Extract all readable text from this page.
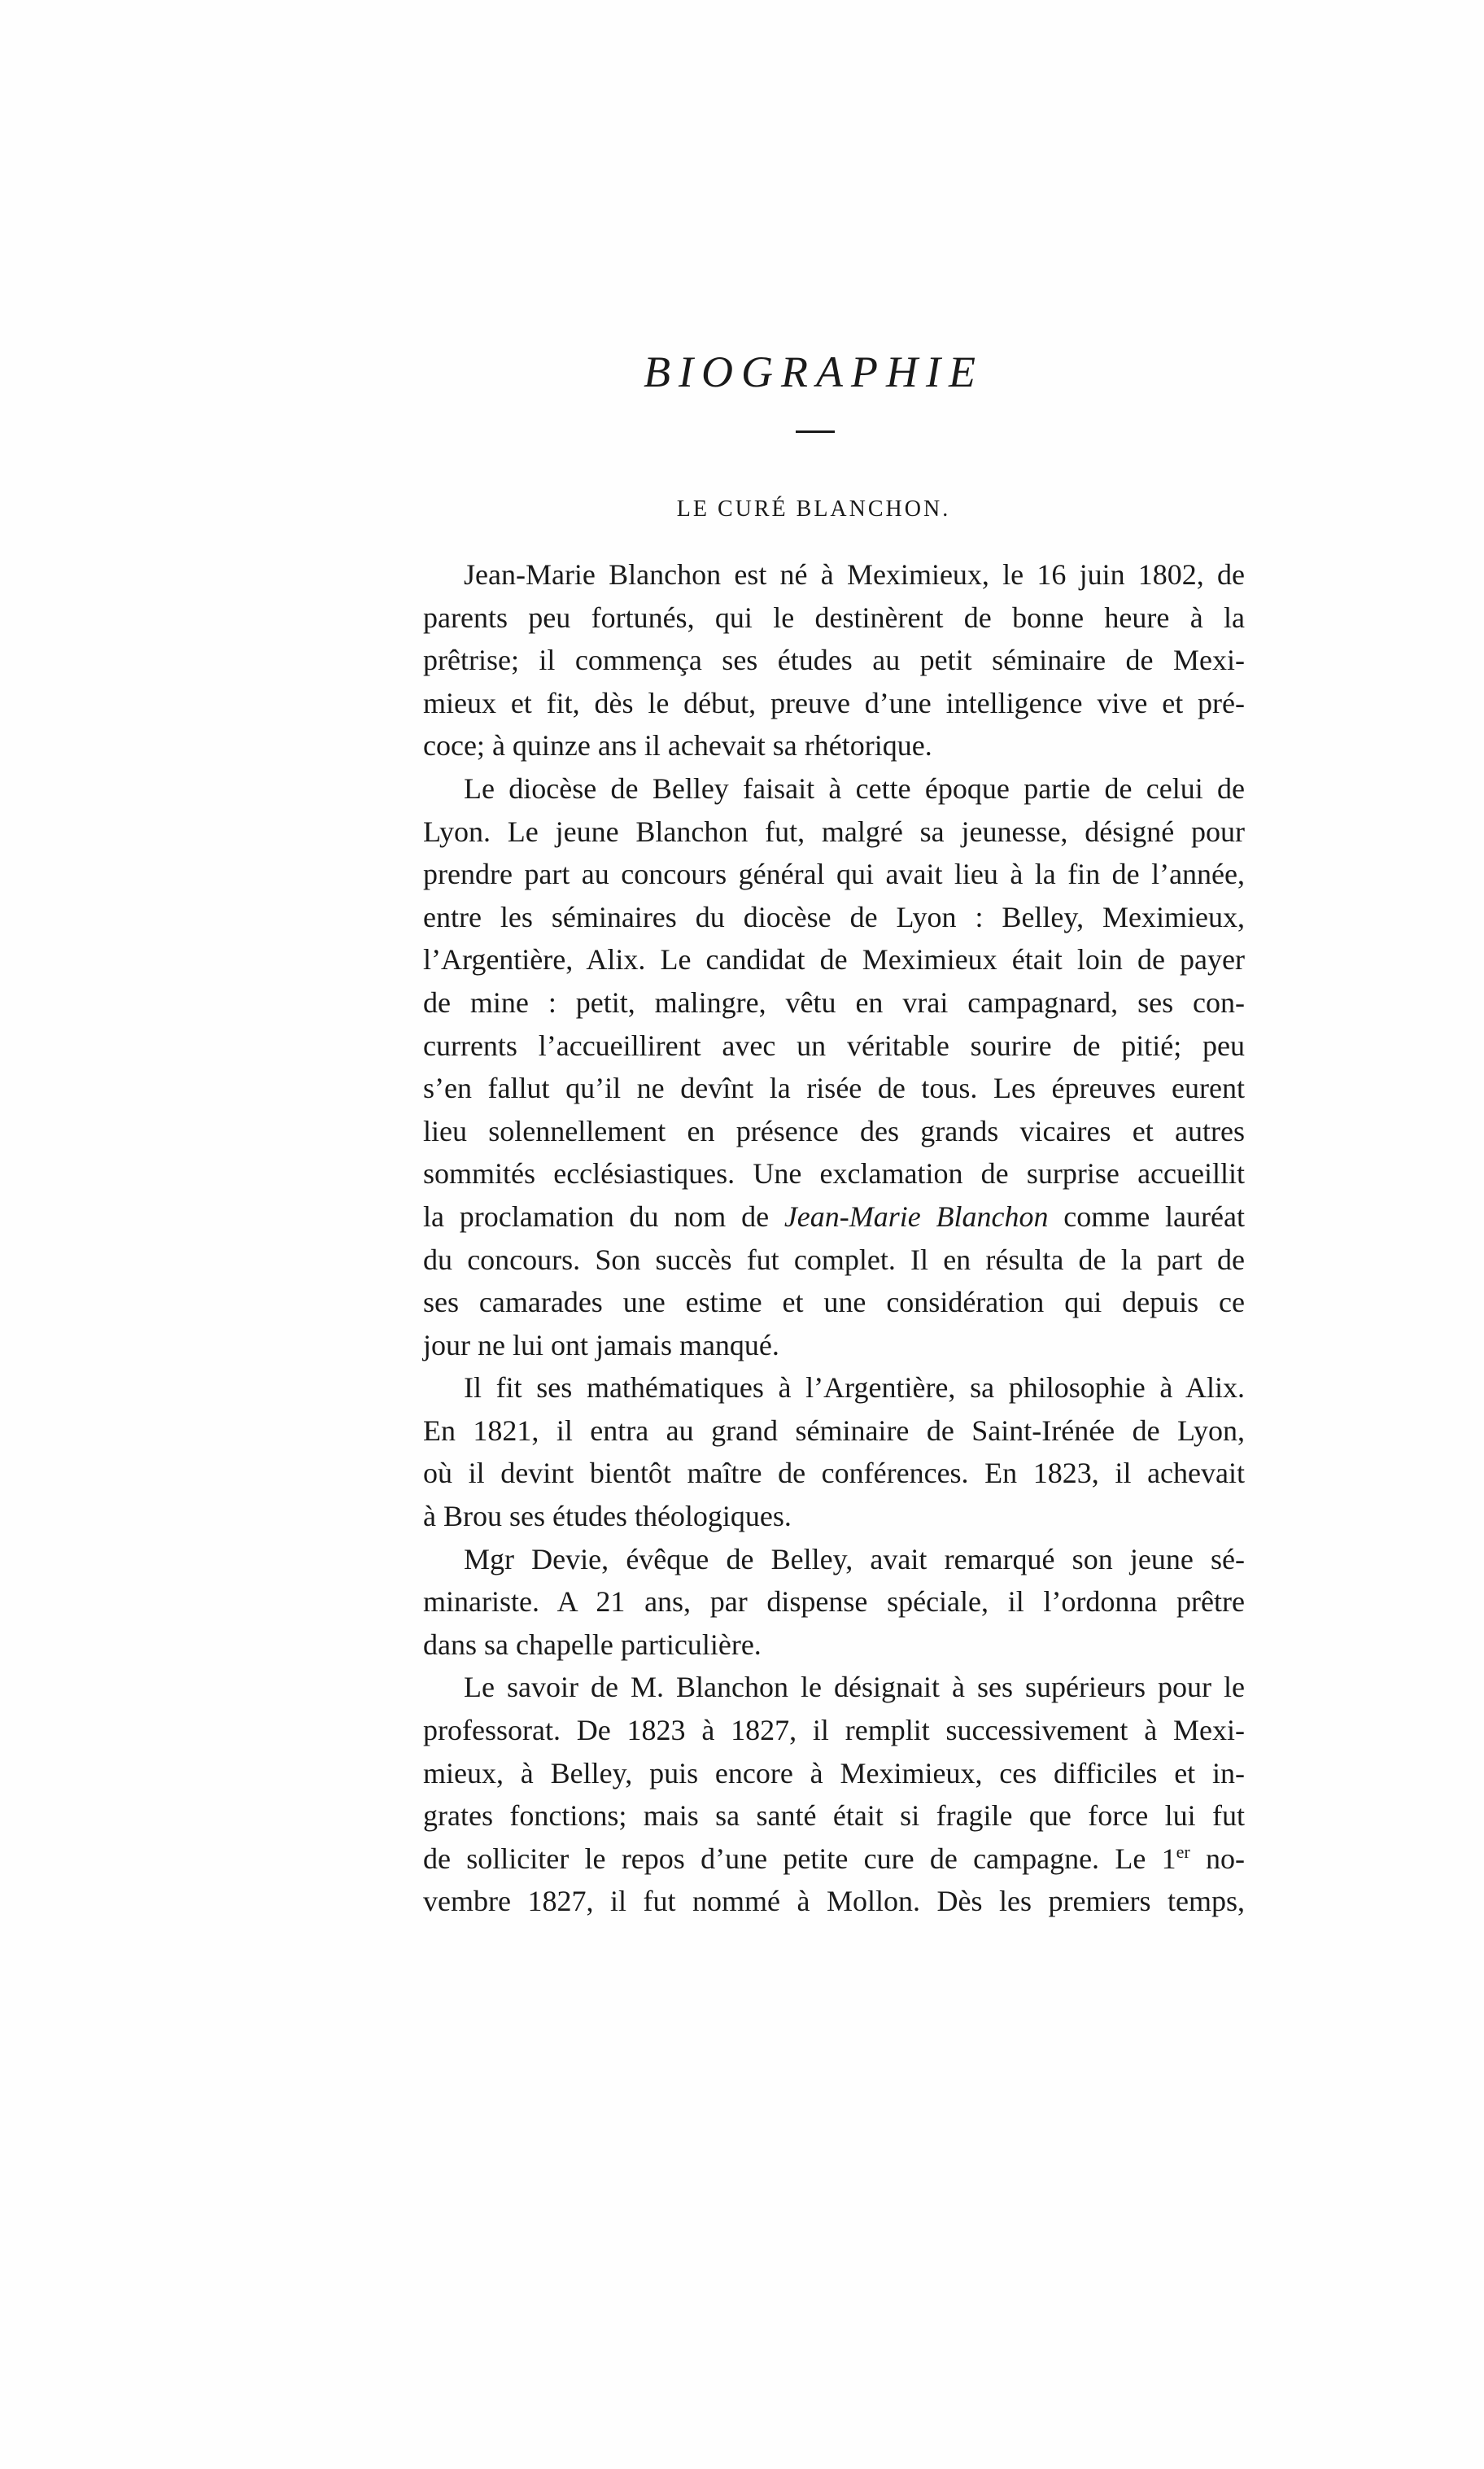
BIOGRAPHIE
LE CURÉ BLANCHON.
Jean-Marie Blanchon est né à Meximieux, le 16 juin 1802, de
parents peu fortunés, qui le destinèrent de bonne heure à la
prêtrise; il commença ses études au petit séminaire de Mexi-
mieux et fit, dès le début, preuve d’une intelligence vive et pré-
coce; à quinze ans il achevait sa rhétorique.
Le diocèse de Belley faisait à cette époque partie de celui de
Lyon. Le jeune Blanchon fut, malgré sa jeunesse, désigné pour
prendre part au concours général qui avait lieu à la fin de l’année,
entre les séminaires du diocèse de Lyon : Belley, Meximieux,
l’Argentière, Alix. Le candidat de Meximieux était loin de payer
de mine : petit, malingre, vêtu en vrai campagnard, ses con-
currents l’accueillirent avec un véritable sourire de pitié; peu
s’en fallut qu’il ne devînt la risée de tous. Les épreuves eurent
lieu solennellement en présence des grands vicaires et autres
sommités ecclésiastiques. Une exclamation de surprise accueillit
la proclamation du nom de Jean-Marie Blanchon comme lauréat
du concours. Son succès fut complet. Il en résulta de la part de
ses camarades une estime et une considération qui depuis ce
jour ne lui ont jamais manqué.
Il fit ses mathématiques à l’Argentière, sa philosophie à Alix.
En 1821, il entra au grand séminaire de Saint-Irénée de Lyon,
où il devint bientôt maître de conférences. En 1823, il achevait
à Brou ses études théologiques.
Mgr Devie, évêque de Belley, avait remarqué son jeune sé-
minariste. A 21 ans, par dispense spéciale, il l’ordonna prêtre
dans sa chapelle particulière.
Le savoir de M. Blanchon le désignait à ses supérieurs pour le
professorat. De 1823 à 1827, il remplit successivement à Mexi-
mieux, à Belley, puis encore à Meximieux, ces difficiles et in-
grates fonctions; mais sa santé était si fragile que force lui fut
de solliciter le repos d’une petite cure de campagne. Le 1er no-
vembre 1827, il fut nommé à Mollon. Dès les premiers temps,
